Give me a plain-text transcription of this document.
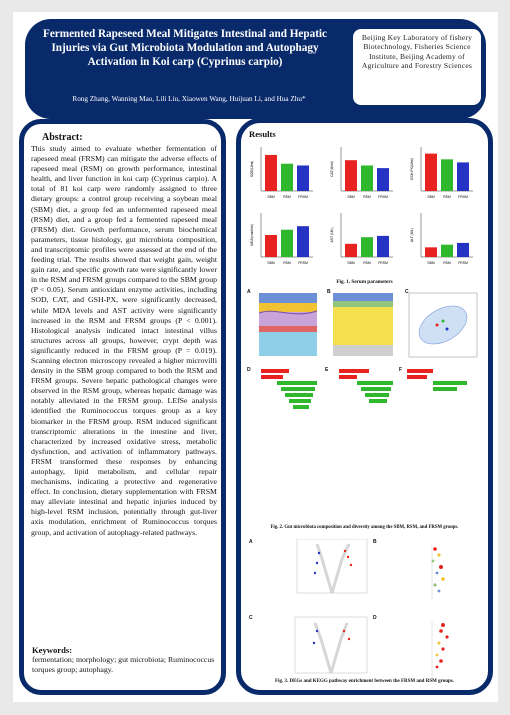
Fermented Rapeseed Meal Mitigates Intestinal and Hepatic Injuries via Gut Microbiota Modulation and Autophagy Activation in Koi carp (Cyprinus carpio)
Rong Zhang, Wanning Mao, Lili Liu, Xiaowen Wang, Huijuan Li, and Hua Zhu*
Beijing Key Laboratory of fishery Biotechnology, Fisheries Science Institute, Beijing Academy of Agriculture and Forestry Sciences
Abstract:
This study aimed to evaluate whether fermentation of rapeseed meal (FRSM) can mitigate the adverse effects of rapeseed meal (RSM) on growth performance, intestinal health, and liver function in koi carp (Cyprinus carpio). A total of 81 koi carp were randomly assigned to three dietary groups: a control group receiving a soybean meal (SBM) diet, a group fed an unfermented rapeseed meal (RSM) diet, and a group fed a fermented rapeseed meal (FRSM) diet. Growth performance, serum biochemical parameters, tissue histology, gut microbiota composition, and transcriptomic profiles were assessed at the end of the feeding trial. The results showed that weight gain, weight gain rate, and specific growth rate were significantly lower in the RSM and FRSM groups compared to the SBM group (P < 0.05). Serum antioxidant enzyme activities, including SOD, CAT, and GSH-PX, were significantly decreased, while MDA levels and AST activity were significantly increased in the RSM and FRSM groups (P < 0.001). Histological analysis indicated intact intestinal villus structures across all groups, however, crypt depth was significantly reduced in the FRSM group (P = 0.019). Scanning electron microscopy revealed a higher microvilli density in the SBM group compared to both the RSM and FRSM groups. Severe hepatic pathological changes were observed in the RSM group, whereas hepatic damage was notably alleviated in the FRSM group. LEfSe analysis identified the Ruminococcus torques group as a key biomarker in the FRSM group. RSM induced significant transcriptomic alterations in the intestine and liver, characterized by increased oxidative stress, metabolic dysfunction, and activation of inflammatory pathways. FRSM transformed these responses by enhancing autophagy, lipid metabolism, and cellular repair mechanisms, indicating a protective and regenerative effect. In conclusion, dietary supplementation with FRSM may alleviate intestinal and hepatic injuries induced by high-level RSM inclusion, potentially through gut-liver axis modulation, enrichment of Ruminococcus torques group, and activation of autophagy-related pathways.
Keywords:
fermentation; morphology; gut microbiota; Ruminococcus torques group; autophagy.
Results
SOD(U/ml)
SBM	RSM FRSM
CAT(U/ml)
SBM	RSM FRSM
GSH-PX(U/ml)
SBM	RSM FRSM
MDA(nmol/ml)
SBM	RSM FRSM
AST (U/L)
SBM	RSM FRSM
ALT (U/L)
SBM	RSM FRSM
Fig. 1. Serum parameters
Fig. 2. Gut microbiota composition and diversity among the SBM, RSM, and FRSM groups.
Fig. 3. DEGs and KEGG pathway enrichment between the FRSM and RSM groups.
A	B	C
D	E	F
A	B
C	D
